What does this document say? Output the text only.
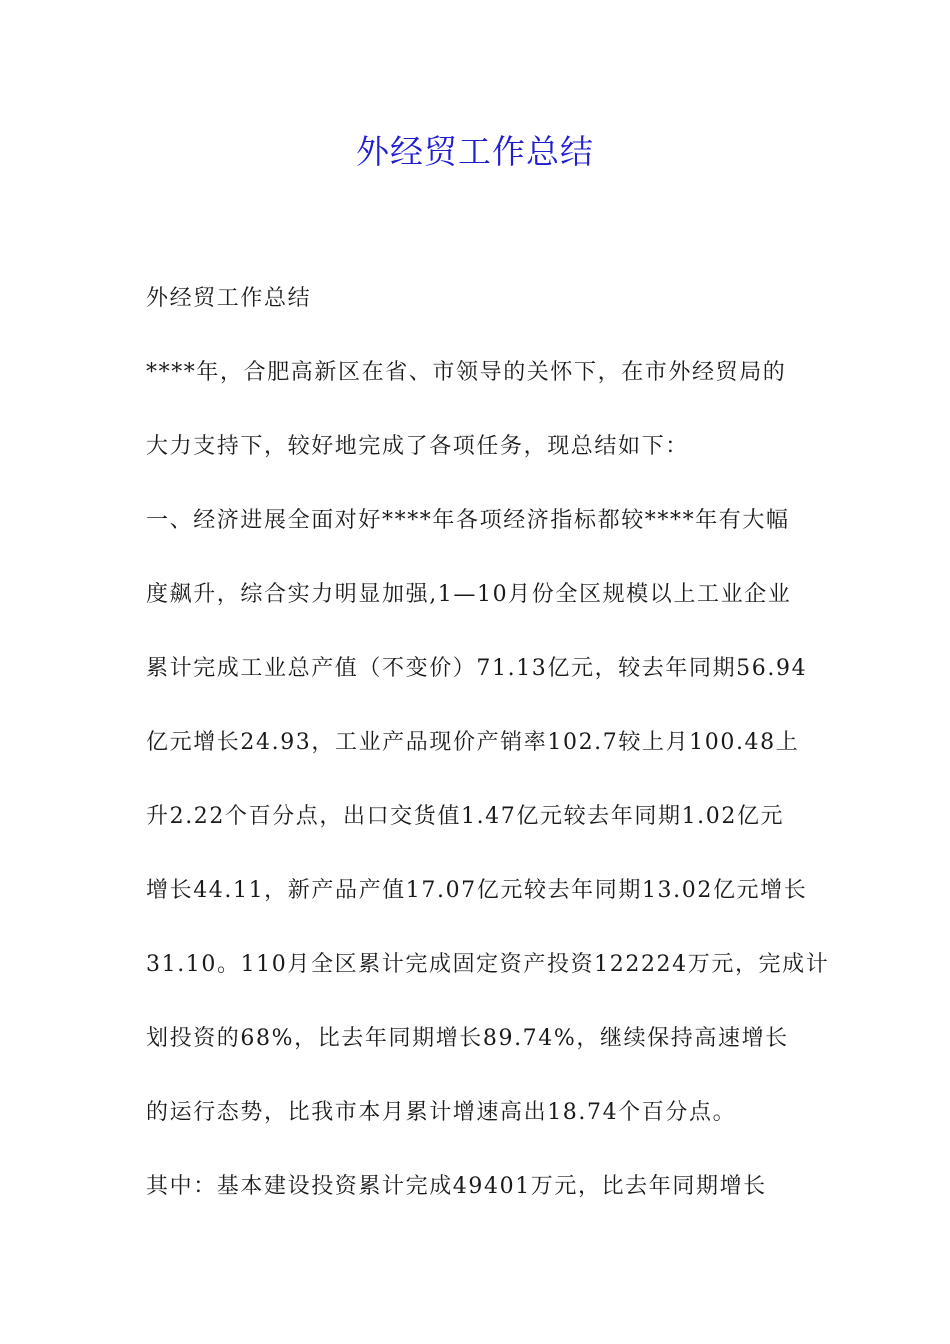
外经贸工作总结
外经贸工作总结
****年，合肥高新区在省、市领导的关怀下，在市外经贸局的
大力支持下，较好地完成了各项任务，现总结如下：
一、经济进展全面对好****年各项经济指标都较****年有大幅
度飙升，综合实力明显加强,1—10月份全区规模以上工业企业
累计完成工业总产值（不变价）71.13亿元，较去年同期56.94
亿元增长24.93，工业产品现价产销率102.7较上月100.48上
升2.22个百分点，出口交货值1.47亿元较去年同期1.02亿元
增长44.11，新产品产值17.07亿元较去年同期13.02亿元增长
31.10。110月全区累计完成固定资产投资122224万元，完成计
划投资的68%，比去年同期增长89.74%，继续保持高速增长
的运行态势，比我市本月累计增速高出18.74个百分点。
其中：基本建设投资累计完成49401万元，比去年同期增长
